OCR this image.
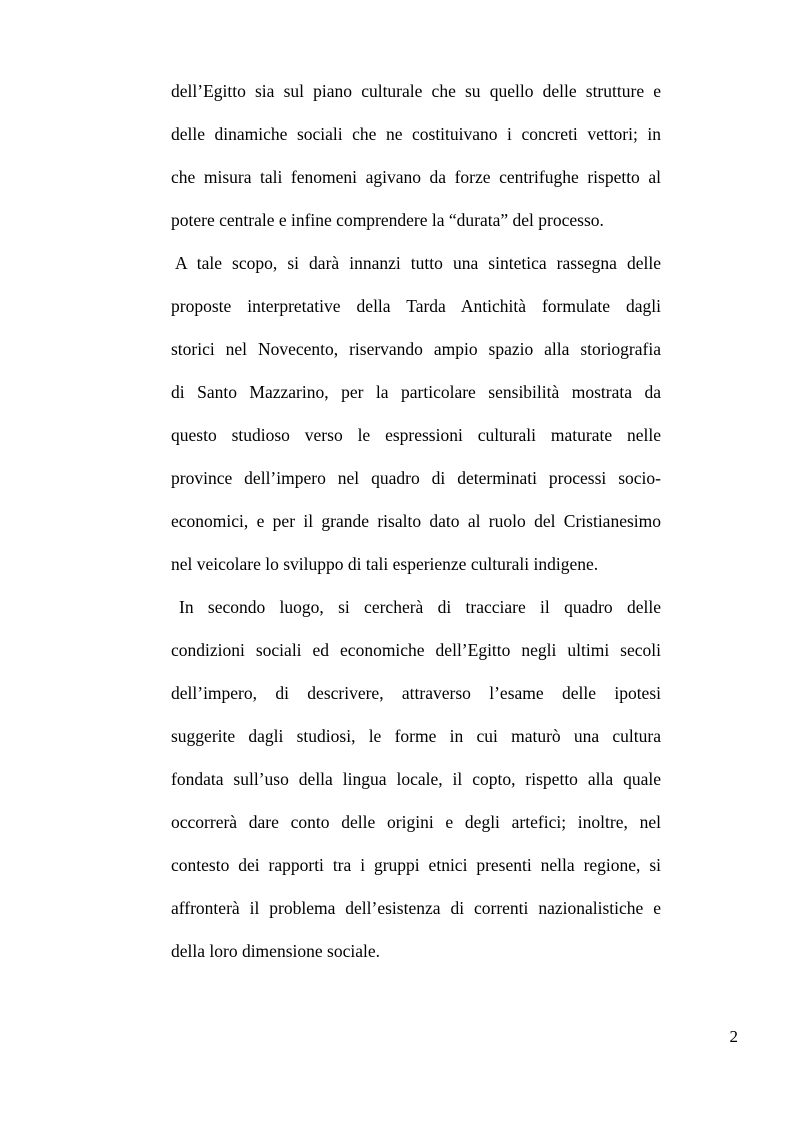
dell’Egitto sia sul piano culturale che su quello delle strutture e
delle dinamiche sociali che ne costituivano i concreti vettori; in
che misura tali fenomeni agivano da forze centrifughe rispetto al
potere centrale e infine comprendere la “durata” del processo.
A tale scopo, si darà innanzi tutto una sintetica rassegna delle
proposte interpretative della Tarda Antichità formulate dagli
storici nel Novecento, riservando ampio spazio alla storiografia
di Santo Mazzarino, per la particolare sensibilità mostrata da
questo studioso verso le espressioni culturali maturate nelle
province dell’impero nel quadro di determinati processi socio-
economici, e per il grande risalto dato al ruolo del Cristianesimo
nel veicolare lo sviluppo di tali esperienze culturali indigene.
In secondo luogo, si cercherà di tracciare il quadro delle
condizioni sociali ed economiche dell’Egitto negli ultimi secoli
dell’impero, di descrivere, attraverso l’esame delle ipotesi
suggerite dagli studiosi, le forme in cui maturò una cultura
fondata sull’uso della lingua locale, il copto, rispetto alla quale
occorrerà dare conto delle origini e degli artefici; inoltre, nel
contesto dei rapporti tra i gruppi etnici presenti nella regione, si
affronterà il problema dell’esistenza di correnti nazionalistiche e
della loro dimensione sociale.
2
